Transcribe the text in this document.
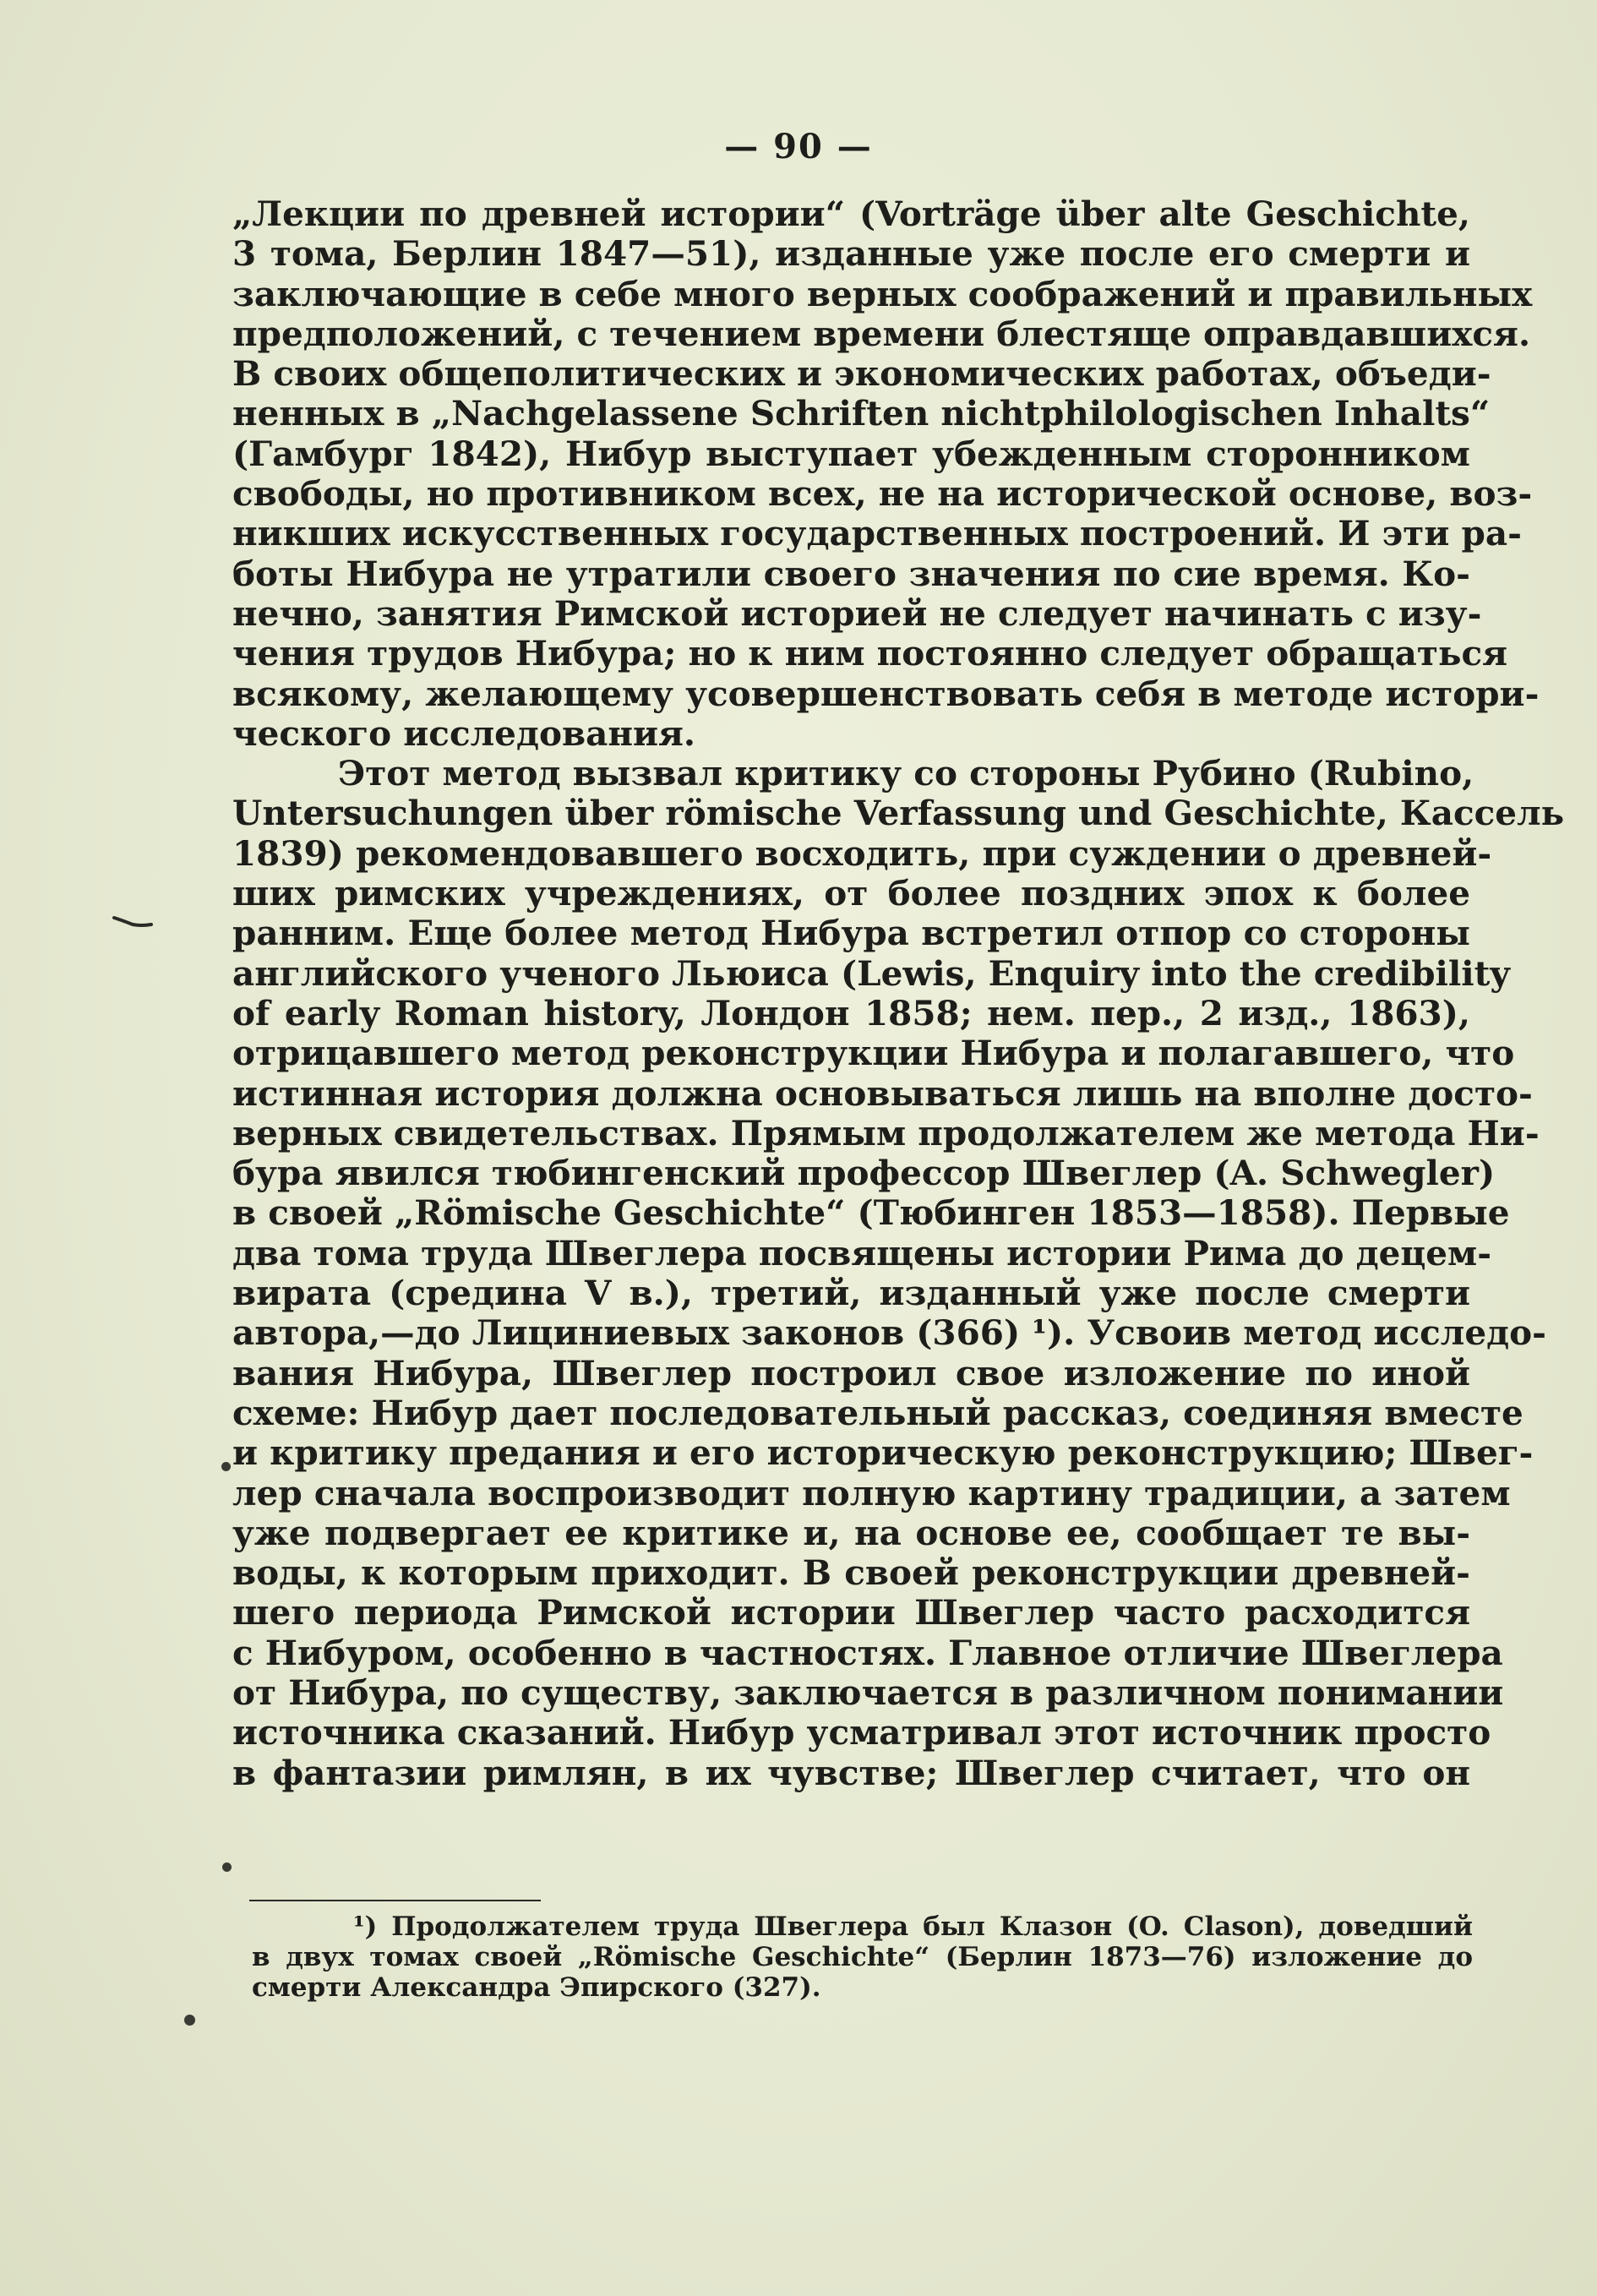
— 90 —
„Лекции по древней истории“ (Vorträge über alte Geschichte,
3 тома, Берлин 1847—51), изданные уже после его смерти и
заключающие в себе много верных соображений и правильных
предположений, с течением времени блестяще оправдавшихся.
В своих общеполитических и экономических работах, объеди-
ненных в „Nachgelassene Schriften nichtphilologischen Inhalts“
(Гамбург 1842), Нибур выступает убежденным сторонником
свободы, но противником всех, не на исторической основе, воз-
никших искусственных государственных построений. И эти ра-
боты Нибура не утратили своего значения по сие время. Ко-
нечно, занятия Римской историей не следует начинать с изу-
чения трудов Нибура; но к ним постоянно следует обращаться
всякому, желающему усовершенствовать себя в методе истори-
ческого исследования.
Этот метод вызвал критику со стороны Рубино (Rubino,
Untersuchungen über römische Verfassung und Geschichte, Кассель
1839) рекомендовавшего восходить, при суждении о древней-
ших римских учреждениях, от более поздних эпох к более
ранним. Еще более метод Нибура встретил отпор со стороны
английского ученого Льюиса (Lewis, Enquiry into the credibility
of early Roman history, Лондон 1858; нем. пер., 2 изд., 1863),
отрицавшего метод реконструкции Нибура и полагавшего, что
истинная история должна основываться лишь на вполне досто-
верных свидетельствах. Прямым продолжателем же метода Ни-
бура явился тюбингенский профессор Швеглер (A. Schwegler)
в своей „Römische Geschichte“ (Тюбинген 1853—1858). Первые
два тома труда Швеглера посвящены истории Рима до децем-
вирата (средина V в.), третий, изданный уже после смерти
автора,—до Лициниевых законов (366) ¹). Усвоив метод исследо-
вания Нибура, Швеглер построил свое изложение по иной
схеме: Нибур дает последовательный рассказ, соединяя вместе
и критику предания и его историческую реконструкцию; Швег-
лер сначала воспроизводит полную картину традиции, а затем
уже подвергает ее критике и, на основе ее, сообщает те вы-
воды, к которым приходит. В своей реконструкции древней-
шего периода Римской истории Швеглер часто расходится
с Нибуром, особенно в частностях. Главное отличие Швеглера
от Нибура, по существу, заключается в различном понимании
источника сказаний. Нибур усматривал этот источник просто
в фантазии римлян, в их чувстве; Швеглер считает, что он
¹) Продолжателем труда Швеглера был Клазон (O. Clason), доведший
в двух томах своей „Römische Geschichte“ (Берлин 1873—76) изложение до
смерти Александра Эпирского (327).
